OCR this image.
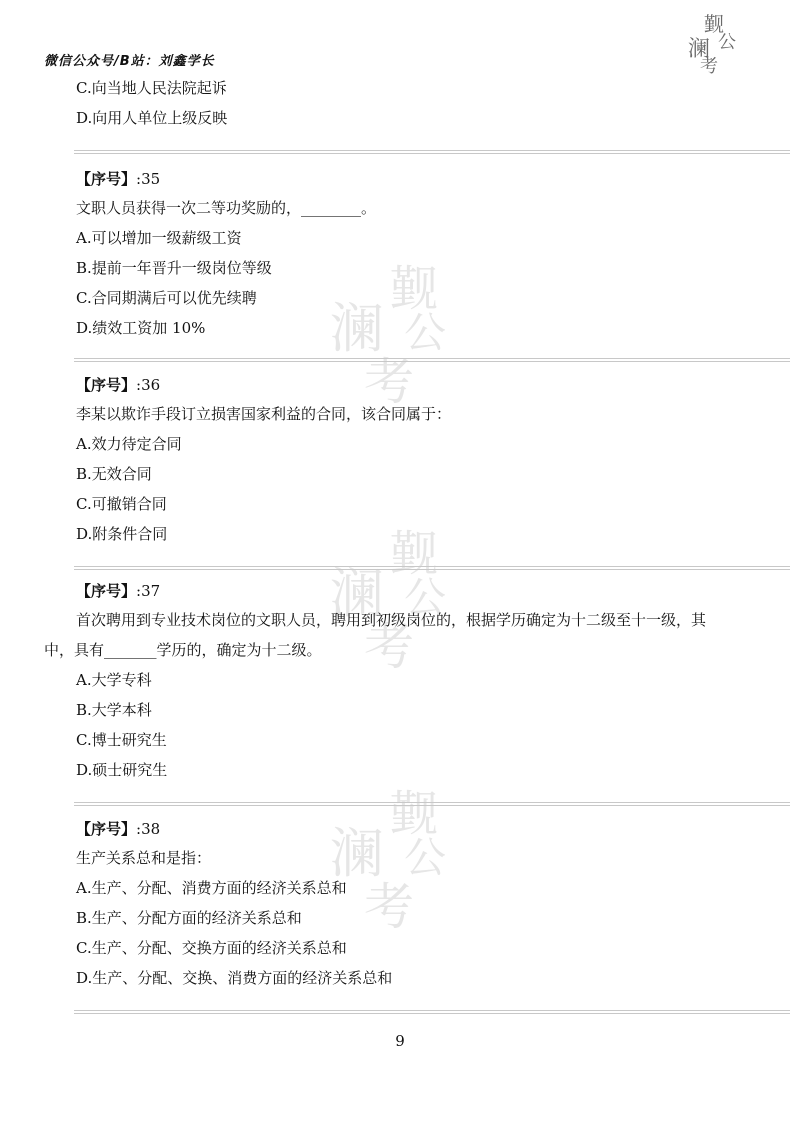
觐
澜 公
考
觐
澜 公
考
觐
澜 公
考
微信公众号/B站：刘鑫学长
觐
澜 公
考
C.向当地人民法院起诉
D.向用人单位上级反映
【序号】:35
文职人员获得一次二等功奖励的，________。
A.可以增加一级薪级工资
B.提前一年晋升一级岗位等级
C.合同期满后可以优先续聘
D.绩效工资加 10%
【序号】:36
李某以欺诈手段订立损害国家利益的合同，该合同属于：
A.效力待定合同
B.无效合同
C.可撤销合同
D.附条件合同
【序号】:37
首次聘用到专业技术岗位的文职人员，聘用到初级岗位的，根据学历确定为十二级至十一级，其
中，具有_______学历的，确定为十二级。
A.大学专科
B.大学本科
C.博士研究生
D.硕士研究生
【序号】:38
生产关系总和是指：
A.生产、分配、消费方面的经济关系总和
B.生产、分配方面的经济关系总和
C.生产、分配、交换方面的经济关系总和
D.生产、分配、交换、消费方面的经济关系总和
9
